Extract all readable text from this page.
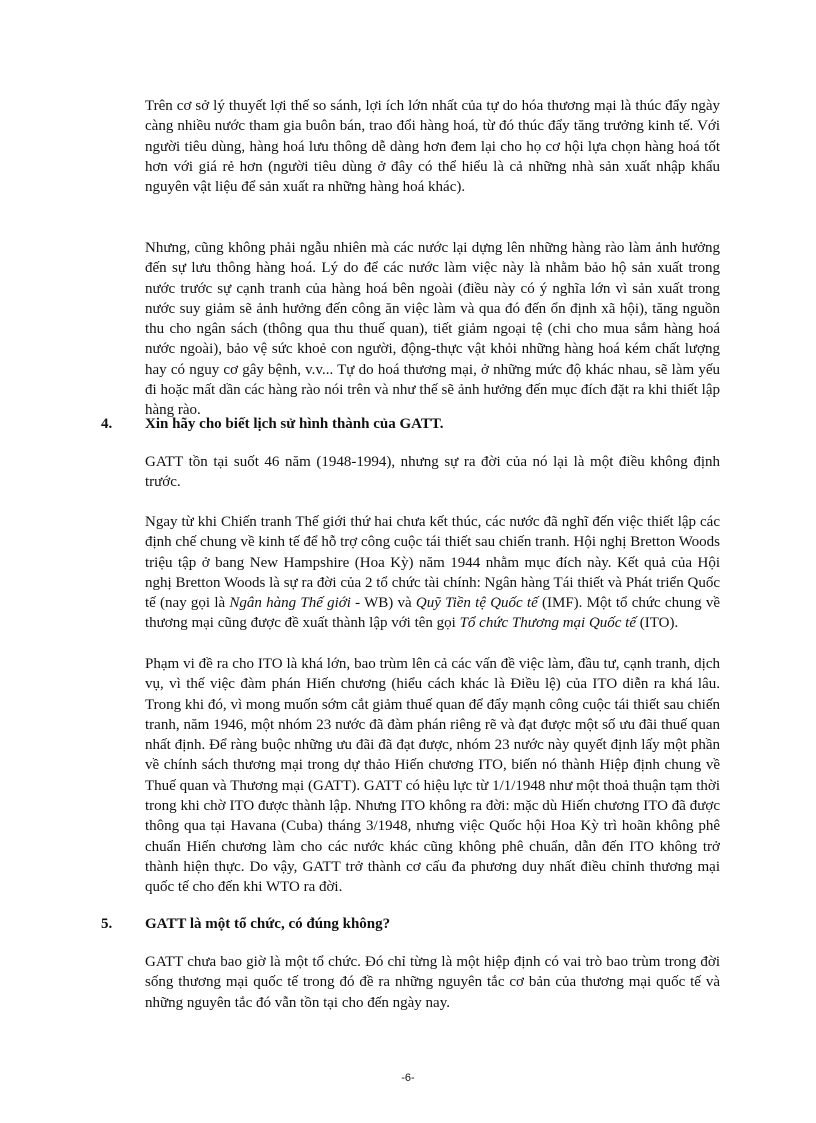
Trên cơ sở lý thuyết lợi thế so sánh, lợi ích lớn nhất của tự do hóa thương mại là thúc đẩy ngày càng nhiều nước tham gia buôn bán, trao đổi hàng hoá, từ đó thúc đẩy tăng trưởng kinh tế. Với người tiêu dùng, hàng hoá lưu thông dễ dàng hơn đem lại cho họ cơ hội lựa chọn hàng hoá tốt hơn với giá rẻ hơn (người tiêu dùng ở đây có thể hiểu là cả những nhà sản xuất nhập khẩu nguyên vật liệu để sản xuất ra những hàng hoá khác).

Nhưng, cũng không phải ngẫu nhiên mà các nước lại dựng lên những hàng rào làm ảnh hưởng đến sự lưu thông hàng hoá. Lý do để các nước làm việc này là nhằm bảo hộ sản xuất trong nước trước sự cạnh tranh của hàng hoá bên ngoài (điều này có ý nghĩa lớn vì sản xuất trong nước suy giảm sẽ ảnh hưởng đến công ăn việc làm và qua đó đến ổn định xã hội), tăng nguồn thu cho ngân sách (thông qua thu thuế quan), tiết giảm ngoại tệ (chi cho mua sắm hàng hoá nước ngoài), bảo vệ sức khoẻ con người, động-thực vật khỏi những hàng hoá kém chất lượng hay có nguy cơ gây bệnh, v.v... Tự do hoá thương mại, ở những mức độ khác nhau, sẽ làm yếu đi hoặc mất dần các hàng rào nói trên và như thế sẽ ảnh hưởng đến mục đích đặt ra khi thiết lập hàng rào.

4. Xin hãy cho biết lịch sử hình thành của GATT.

GATT tồn tại suốt 46 năm (1948-1994), nhưng sự ra đời của nó lại là một điều không định trước.

Ngay từ khi Chiến tranh Thế giới thứ hai chưa kết thúc, các nước đã nghĩ đến việc thiết lập các định chế chung về kinh tế để hỗ trợ công cuộc tái thiết sau chiến tranh. Hội nghị Bretton Woods triệu tập ở bang New Hampshire (Hoa Kỳ) năm 1944 nhằm mục đích này. Kết quả của Hội nghị Bretton Woods là sự ra đời của 2 tổ chức tài chính: Ngân hàng Tái thiết và Phát triển Quốc tế (nay gọi là Ngân hàng Thế giới - WB) và Quỹ Tiền tệ Quốc tế (IMF). Một tổ chức chung về thương mại cũng được đề xuất thành lập với tên gọi Tổ chức Thương mại Quốc tế (ITO).

Phạm vi đề ra cho ITO là khá lớn, bao trùm lên cả các vấn đề việc làm, đầu tư, cạnh tranh, dịch vụ, vì thế việc đàm phán Hiến chương (hiểu cách khác là Điều lệ) của ITO diễn ra khá lâu. Trong khi đó, vì mong muốn sớm cắt giảm thuế quan để đẩy mạnh công cuộc tái thiết sau chiến tranh, năm 1946, một nhóm 23 nước đã đàm phán riêng rẽ và đạt được một số ưu đãi thuế quan nhất định. Để ràng buộc những ưu đãi đã đạt được, nhóm 23 nước này quyết định lấy một phần về chính sách thương mại trong dự thảo Hiến chương ITO, biến nó thành Hiệp định chung về Thuế quan và Thương mại (GATT). GATT có hiệu lực từ 1/1/1948 như một thoả thuận tạm thời trong khi chờ ITO được thành lập. Nhưng ITO không ra đời: mặc dù Hiến chương ITO đã được thông qua tại Havana (Cuba) tháng 3/1948, nhưng việc Quốc hội Hoa Kỳ trì hoãn không phê chuẩn Hiến chương làm cho các nước khác cũng không phê chuẩn, dẫn đến ITO không trở thành hiện thực. Do vậy, GATT trở thành cơ cấu đa phương duy nhất điều chỉnh thương mại quốc tế cho đến khi WTO ra đời.

5. GATT là một tổ chức, có đúng không?

GATT chưa bao giờ là một tổ chức. Đó chỉ từng là một hiệp định có vai trò bao trùm trong đời sống thương mại quốc tế trong đó đề ra những nguyên tắc cơ bản của thương mại quốc tế và những nguyên tắc đó vẫn tồn tại cho đến ngày nay.

-6-
